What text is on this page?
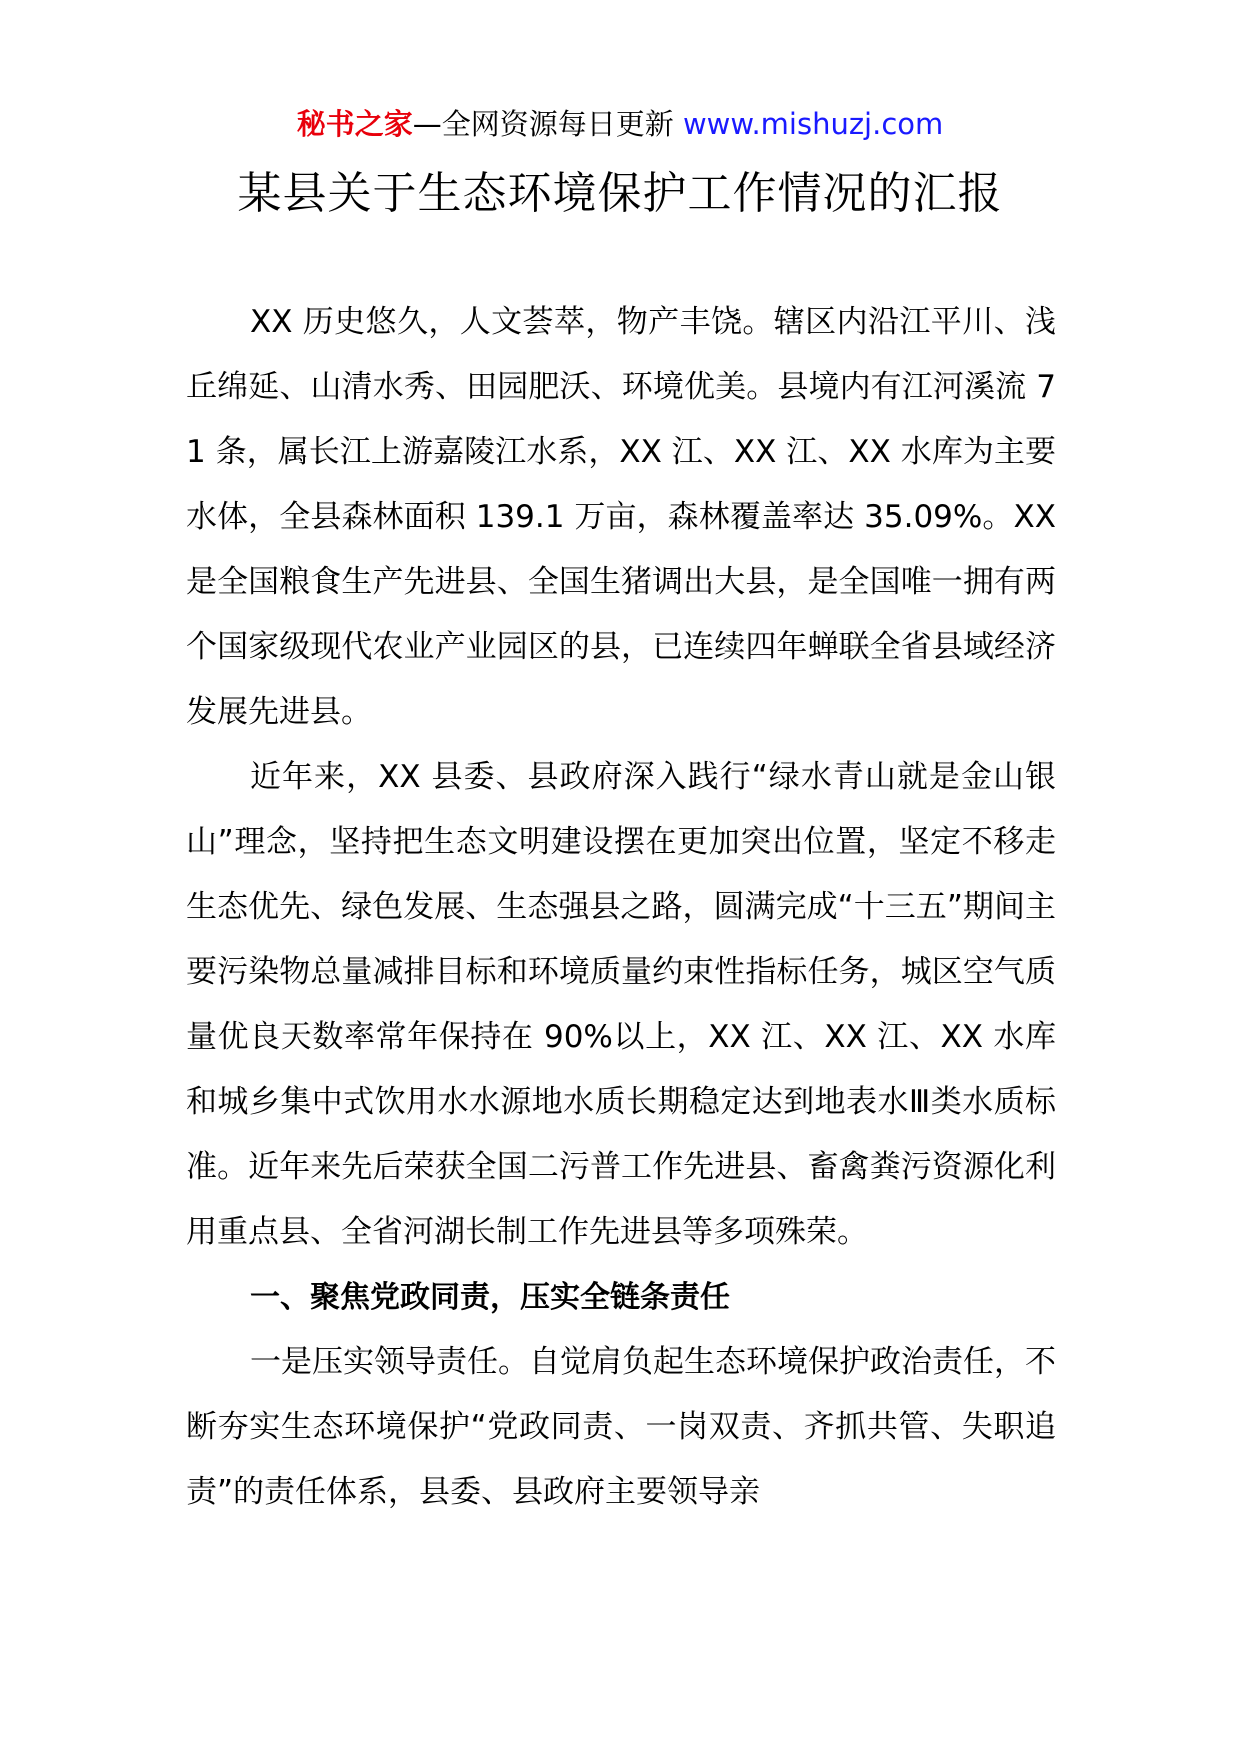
秘书之家—全网资源每日更新 www.mishuzj.com
某县关于生态环境保护工作情况的汇报

XX 历史悠久，人文荟萃，物产丰饶。辖区内沿江平川、浅丘绵延、山清水秀、田园肥沃、环境优美。县境内有江河溪流 71 条，属长江上游嘉陵江水系，XX 江、XX 江、XX 水库为主要水体，全县森林面积 139.1 万亩，森林覆盖率达 35.09%。XX 是全国粮食生产先进县、全国生猪调出大县，是全国唯一拥有两个国家级现代农业产业园区的县，已连续四年蝉联全省县域经济发展先进县。

近年来，XX 县委、县政府深入践行“绿水青山就是金山银山”理念，坚持把生态文明建设摆在更加突出位置，坚定不移走生态优先、绿色发展、生态强县之路，圆满完成“十三五”期间主要污染物总量减排目标和环境质量约束性指标任务，城区空气质量优良天数率常年保持在 90%以上，XX 江、XX 江、XX 水库和城乡集中式饮用水水源地水质长期稳定达到地表水Ⅲ类水质标准。近年来先后荣获全国二污普工作先进县、畜禽粪污资源化利用重点县、全省河湖长制工作先进县等多项殊荣。

一、聚焦党政同责，压实全链条责任

一是压实领导责任。自觉肩负起生态环境保护政治责任，不断夯实生态环境保护“党政同责、一岗双责、齐抓共管、失职追责”的责任体系，县委、县政府主要领导亲
